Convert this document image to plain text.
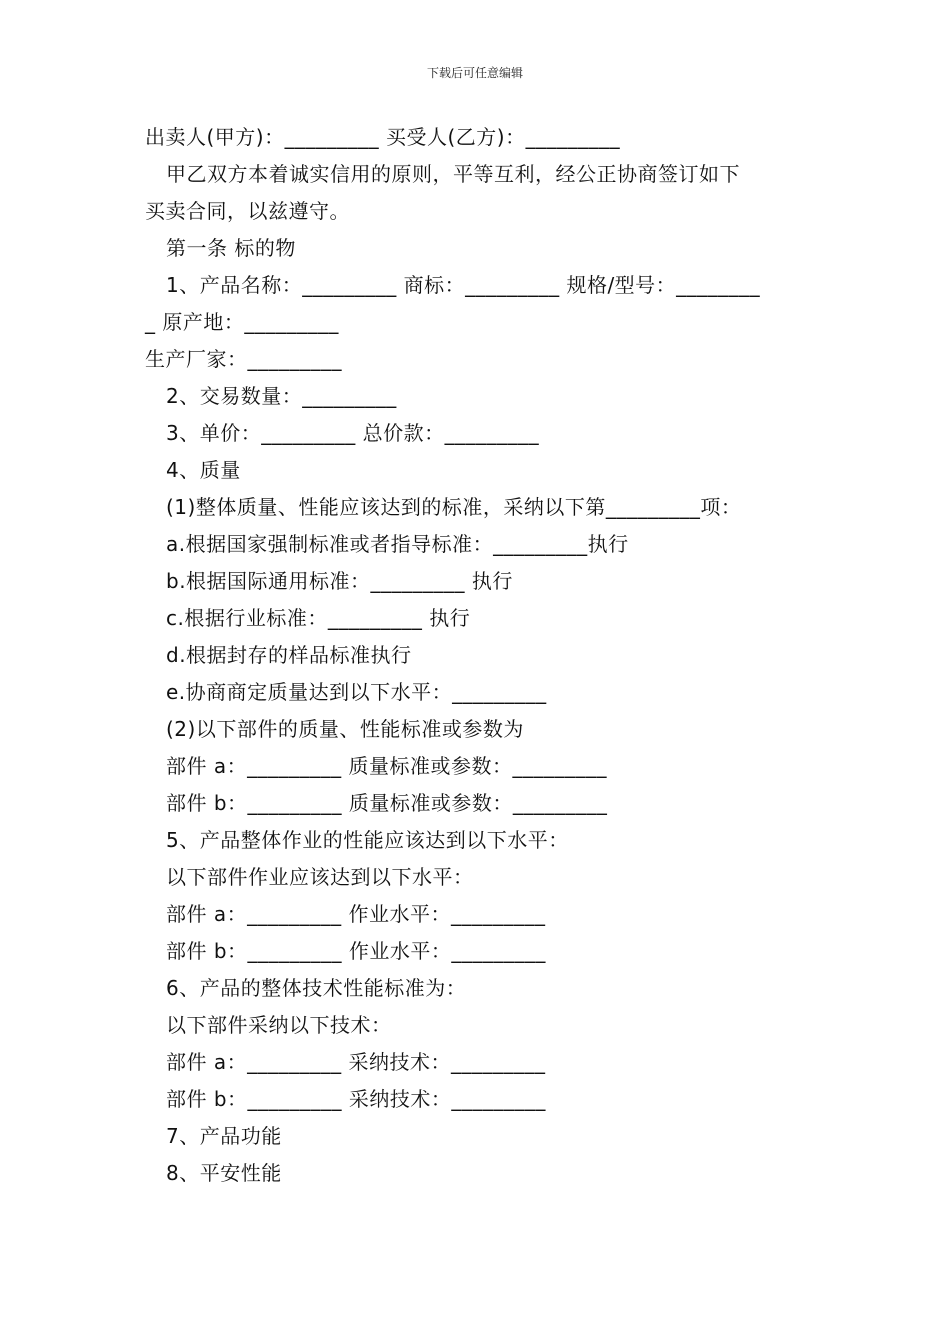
下载后可任意编辑
出卖人(甲方)：_________ 买受人(乙方)：_________
甲乙双方本着诚实信用的原则，平等互利，经公正协商签订如下
买卖合同，以兹遵守。
第一条 标的物
1、产品名称：_________ 商标：_________ 规格/型号：________
_ 原产地：_________
生产厂家：_________
2、交易数量：_________
3、单价：_________ 总价款：_________
4、质量
(1)整体质量、性能应该达到的标准，采纳以下第_________项：
a.根据国家强制标准或者指导标准：_________执行
b.根据国际通用标准：_________ 执行
c.根据行业标准：_________ 执行
d.根据封存的样品标准执行
e.协商商定质量达到以下水平：_________
(2)以下部件的质量、性能标准或参数为
部件 a：_________ 质量标准或参数：_________
部件 b：_________ 质量标准或参数：_________
5、产品整体作业的性能应该达到以下水平：
以下部件作业应该达到以下水平：
部件 a：_________ 作业水平：_________
部件 b：_________ 作业水平：_________
6、产品的整体技术性能标准为：
以下部件采纳以下技术：
部件 a：_________ 采纳技术：_________
部件 b：_________ 采纳技术：_________
7、产品功能
8、平安性能
